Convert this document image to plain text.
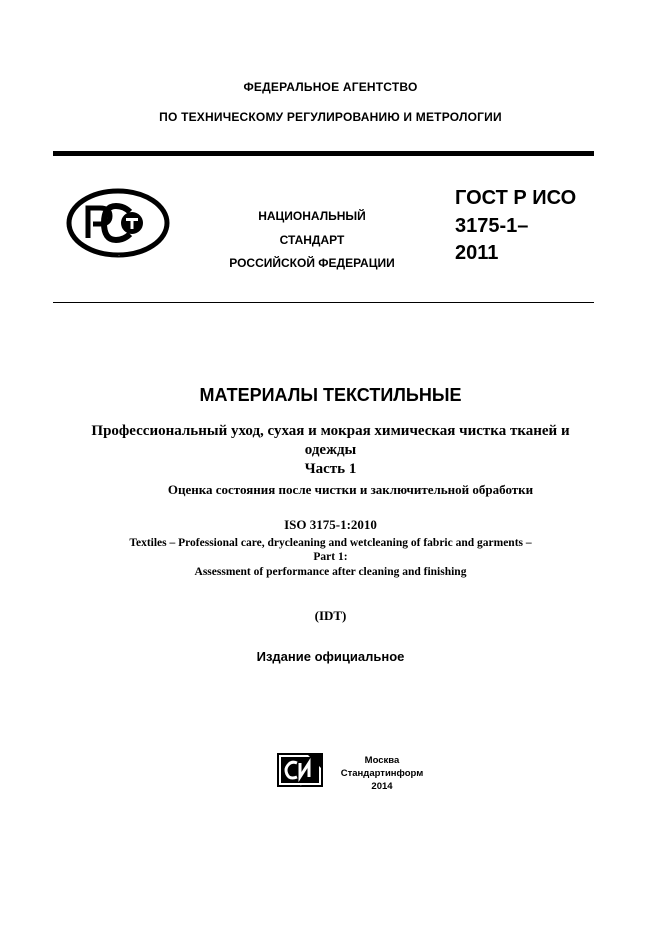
ФЕДЕРАЛЬНОЕ АГЕНТСТВО
ПО ТЕХНИЧЕСКОМУ РЕГУЛИРОВАНИЮ И МЕТРОЛОГИИ
РСТ
НАЦИОНАЛЬНЫЙ
СТАНДАРТ
РОССИЙСКОЙ ФЕДЕРАЦИИ
ГОСТ Р ИСО
3175-1–
2011
МАТЕРИАЛЫ ТЕКСТИЛЬНЫЕ
Профессиональный уход, сухая и мокрая химическая чистка тканей и
одежды
Часть 1
Оценка состояния после чистки и заключительной обработки
ISO 3175-1:2010
Textiles – Professional care, drycleaning and wetcleaning of fabric and garments –
Part 1:
Assessment of performance after cleaning and finishing
(IDT)
Издание официальное
СИ
Москва
Стандартинформ
2014
